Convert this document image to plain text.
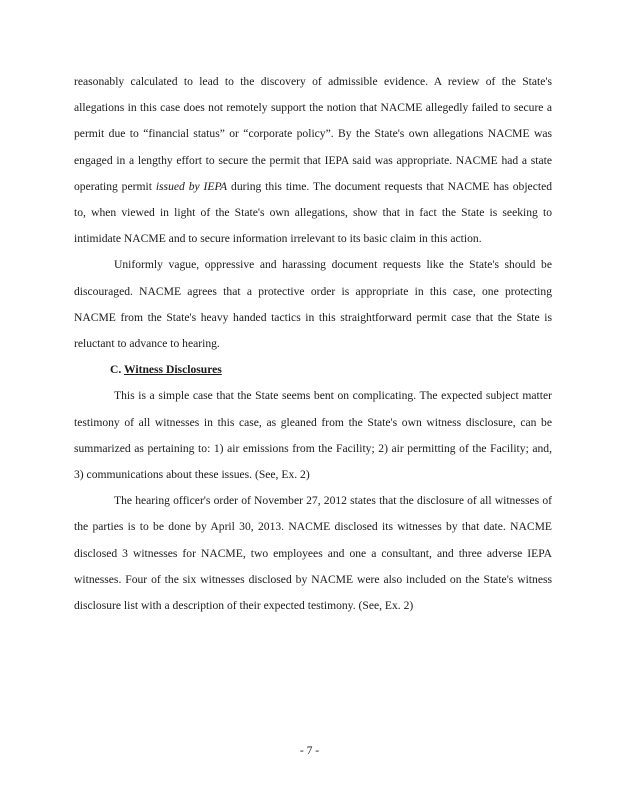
reasonably calculated to lead to the discovery of admissible evidence. A review of the State's allegations in this case does not remotely support the notion that NACME allegedly failed to secure a permit due to “financial status” or “corporate policy”. By the State's own allegations NACME was engaged in a lengthy effort to secure the permit that IEPA said was appropriate. NACME had a state operating permit issued by IEPA during this time. The document requests that NACME has objected to, when viewed in light of the State's own allegations, show that in fact the State is seeking to intimidate NACME and to secure information irrelevant to its basic claim in this action.

Uniformly vague, oppressive and harassing document requests like the State's should be discouraged. NACME agrees that a protective order is appropriate in this case, one protecting NACME from the State's heavy handed tactics in this straightforward permit case that the State is reluctant to advance to hearing.

C. Witness Disclosures

This is a simple case that the State seems bent on complicating. The expected subject matter testimony of all witnesses in this case, as gleaned from the State's own witness disclosure, can be summarized as pertaining to: 1) air emissions from the Facility; 2) air permitting of the Facility; and, 3) communications about these issues. (See, Ex. 2)

The hearing officer's order of November 27, 2012 states that the disclosure of all witnesses of the parties is to be done by April 30, 2013. NACME disclosed its witnesses by that date. NACME disclosed 3 witnesses for NACME, two employees and one a consultant, and three adverse IEPA witnesses. Four of the six witnesses disclosed by NACME were also included on the State's witness disclosure list with a description of their expected testimony. (See, Ex. 2)

- 7 -
